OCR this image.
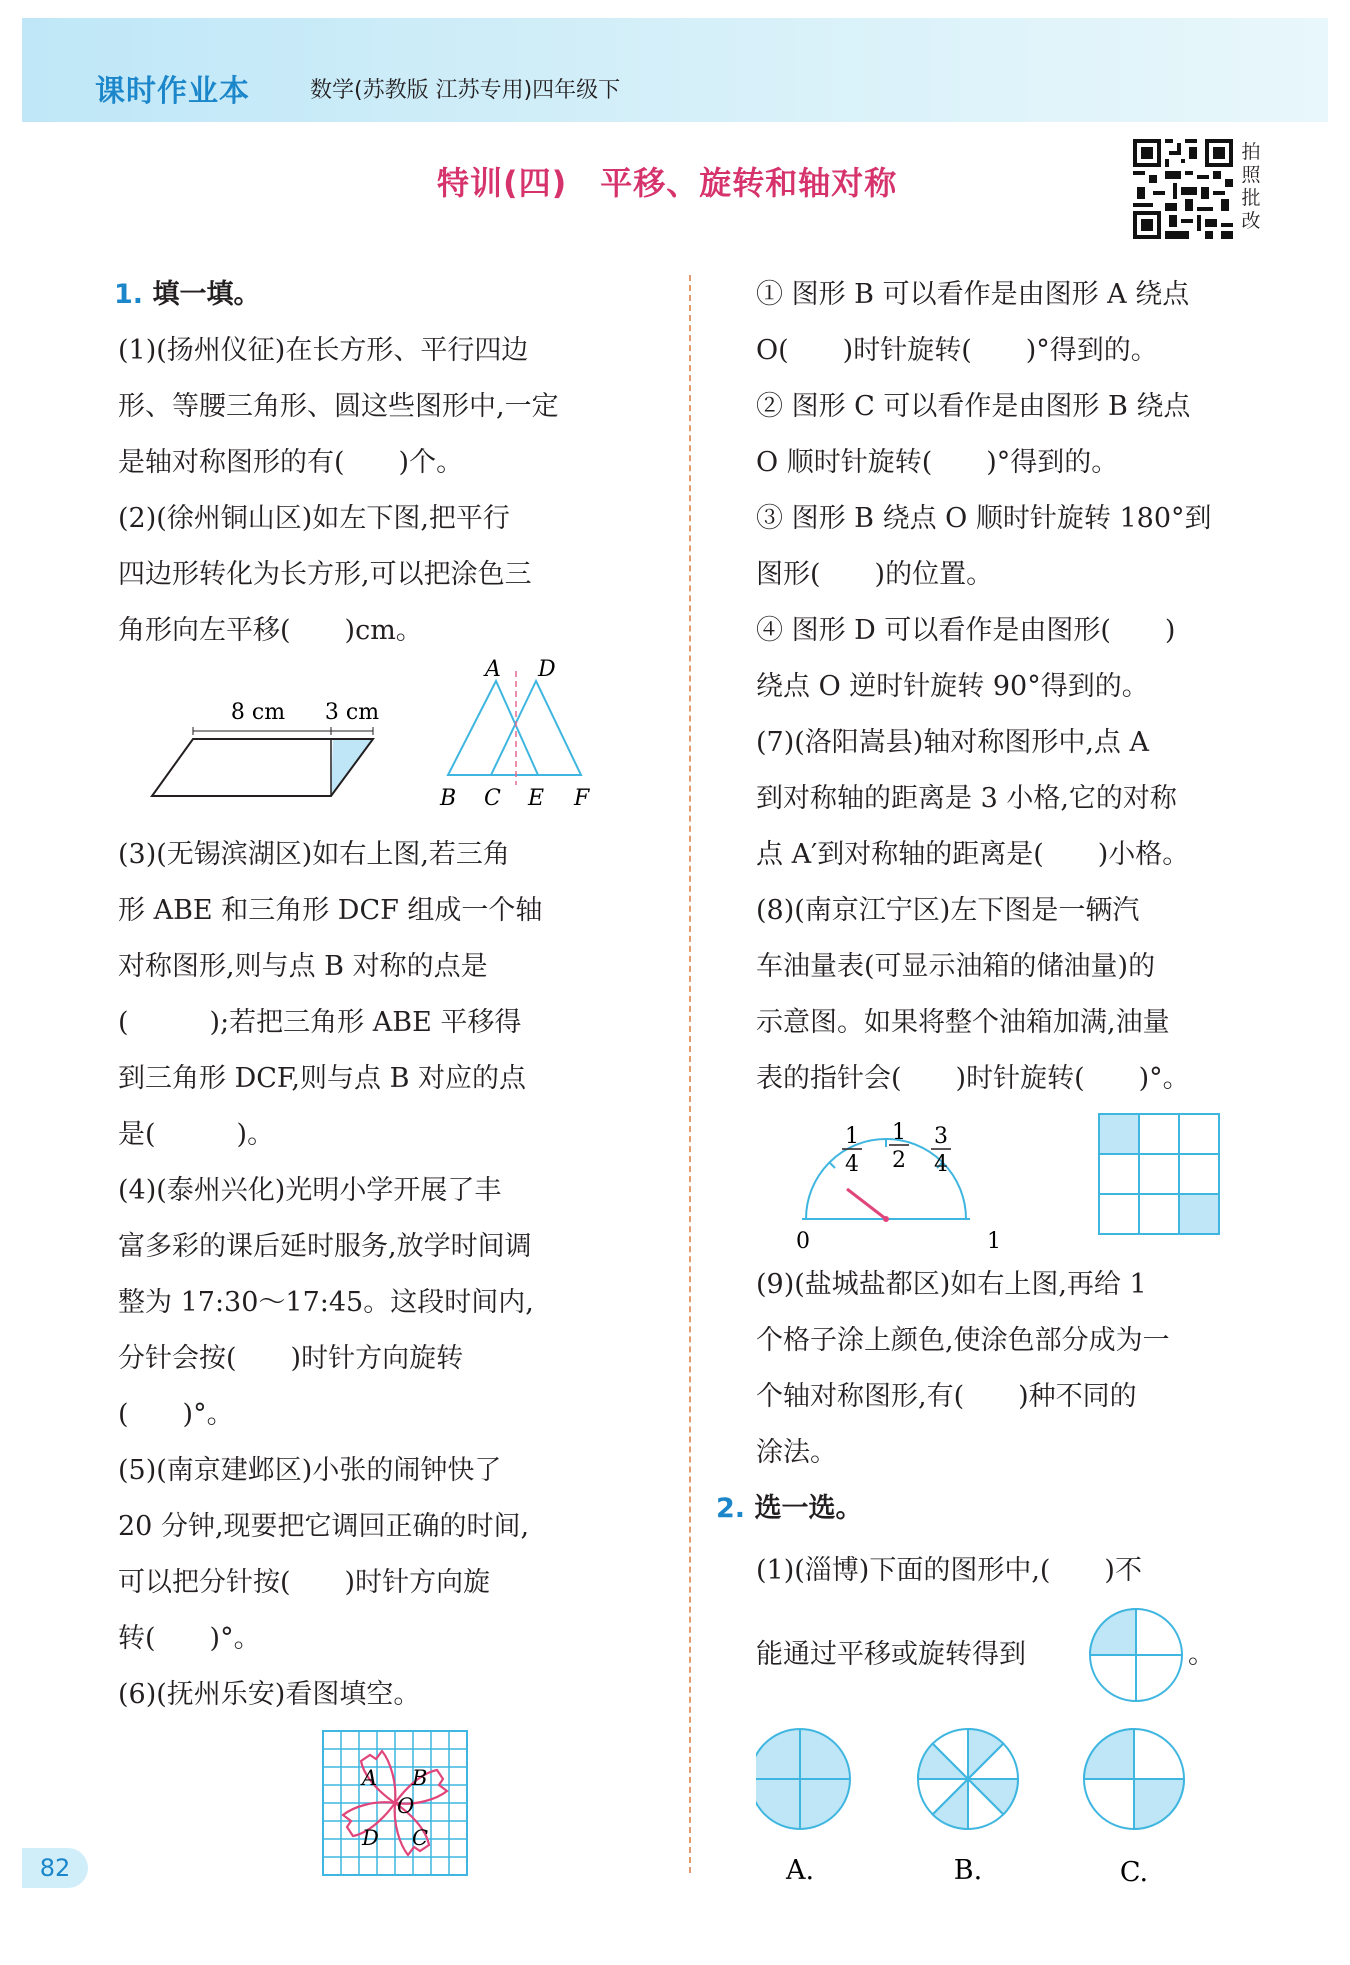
课时作业本	数学(苏教版 江苏专用)四年级下
特训(四)　平移、旋转和轴对称
拍
照
批
改

1. 填一填。

(1)(扬州仪征)在长方形、平行四边

形、等腰三角形、圆这些图形中,一定

是轴对称图形的有(　　)个。

(2)(徐州铜山区)如左下图,把平行

四边形转化为长方形,可以把涂色三

角形向左平移(　　)cm。

8 cm 3 cm
A D
B C E F

(3)(无锡滨湖区)如右上图,若三角

形 ABE 和三角形 DCF 组成一个轴

对称图形,则与点 B 对称的点是

(　　　);若把三角形 ABE 平移得

到三角形 DCF,则与点 B 对应的点

是(　　　)。

(4)(泰州兴化)光明小学开展了丰

富多彩的课后延时服务,放学时间调

整为 17:30～17:45。这段时间内,

分针会按(　　)时针方向旋转

(　　)°。

(5)(南京建邺区)小张的闹钟快了

20 分钟,现要把它调回正确的时间,

可以把分针按(　　)时针方向旋

转(　　)°。

(6)(抚州乐安)看图填空。

A B
C
D
O

① 图形 B 可以看作是由图形 A 绕点

O(　　)时针旋转(　　)°得到的。

② 图形 C 可以看作是由图形 B 绕点

O 顺时针旋转(　　)°得到的。

③ 图形 B 绕点 O 顺时针旋转 180°到

图形(　　)的位置。

④ 图形 D 可以看作是由图形(　　)

绕点 O 逆时针旋转 90°得到的。

(7)(洛阳嵩县)轴对称图形中,点 A

到对称轴的距离是 3 小格,它的对称

点 A′到对称轴的距离是(　　)小格。

(8)(南京江宁区)左下图是一辆汽

车油量表(可显示油箱的储油量)的

示意图。如果将整个油箱加满,油量

表的指针会(　　)时针旋转(　　)°。

1
4
1
2
3
4
0	1

(9)(盐城盐都区)如右上图,再给 1

个格子涂上颜色,使涂色部分成为一

个轴对称图形,有(　　)种不同的

涂法。

2. 选一选。

(1)(淄博)下面的图形中,(　　)不

能通过平移或旋转得到	。
A.	B.	C.
82
